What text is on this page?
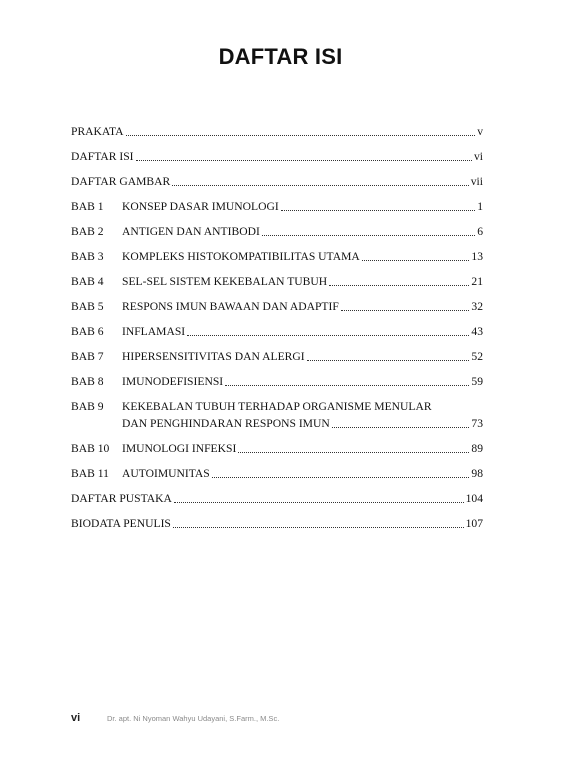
DAFTAR ISI
PRAKATA	v
DAFTAR ISI	vi
DAFTAR GAMBAR	vii
BAB 1	KONSEP DASAR IMUNOLOGI	1
BAB 2	ANTIGEN DAN ANTIBODI	6
BAB 3	KOMPLEKS HISTOKOMPATIBILITAS UTAMA	13
BAB 4	SEL-SEL SISTEM KEKEBALAN TUBUH	21
BAB 5	RESPONS IMUN BAWAAN DAN ADAPTIF	32
BAB 6	INFLAMASI	43
BAB 7	HIPERSENSITIVITAS DAN ALERGI	52
BAB 8	IMUNODEFISIENSI	59
BAB 9	KEKEBALAN TUBUH TERHADAP ORGANISME MENULAR
DAN PENGHINDARAN RESPONS IMUN	73
BAB 10	IMUNOLOGI INFEKSI	89
BAB 11	AUTOIMUNITAS	98
DAFTAR PUSTAKA	104
BIODATA PENULIS	107
vi	Dr. apt. Ni Nyoman Wahyu Udayani, S.Farm., M.Sc.
